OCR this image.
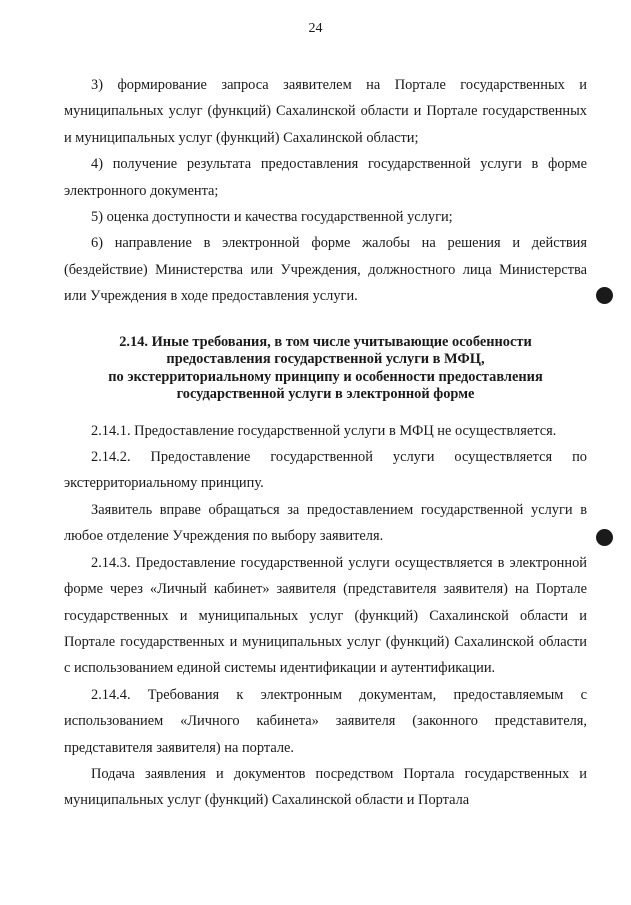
24

3) формирование запроса заявителем на Портале государственных и муниципальных услуг (функций) Сахалинской области и Портале государственных и муниципальных услуг (функций) Сахалинской области;

4) получение результата предоставления государственной услуги в форме электронного документа;

5) оценка доступности и качества государственной услуги;

6) направление в электронной форме жалобы на решения и действия (бездействие) Министерства или Учреждения, должностного лица Министерства или Учреждения в ходе предоставления услуги.

2.14. Иные требования, в том числе учитывающие особенности
предоставления государственной услуги в МФЦ,
по экстерриториальному принципу и особенности предоставления
государственной услуги в электронной форме

2.14.1. Предоставление государственной услуги в МФЦ не осуществляется.

2.14.2. Предоставление государственной услуги осуществляется по экстерриториальному принципу.

Заявитель вправе обращаться за предоставлением государственной услуги в любое отделение Учреждения по выбору заявителя.

2.14.3. Предоставление государственной услуги осуществляется в электронной форме через «Личный кабинет» заявителя (представителя заявителя) на Портале государственных и муниципальных услуг (функций) Сахалинской области и Портале государственных и муниципальных услуг (функций) Сахалинской области с использованием единой системы идентификации и аутентификации.

2.14.4. Требования к электронным документам, предоставляемым с использованием «Личного кабинета» заявителя (законного представителя, представителя заявителя) на портале.

Подача заявления и документов посредством Портала государственных и муниципальных услуг (функций) Сахалинской области и Портала
